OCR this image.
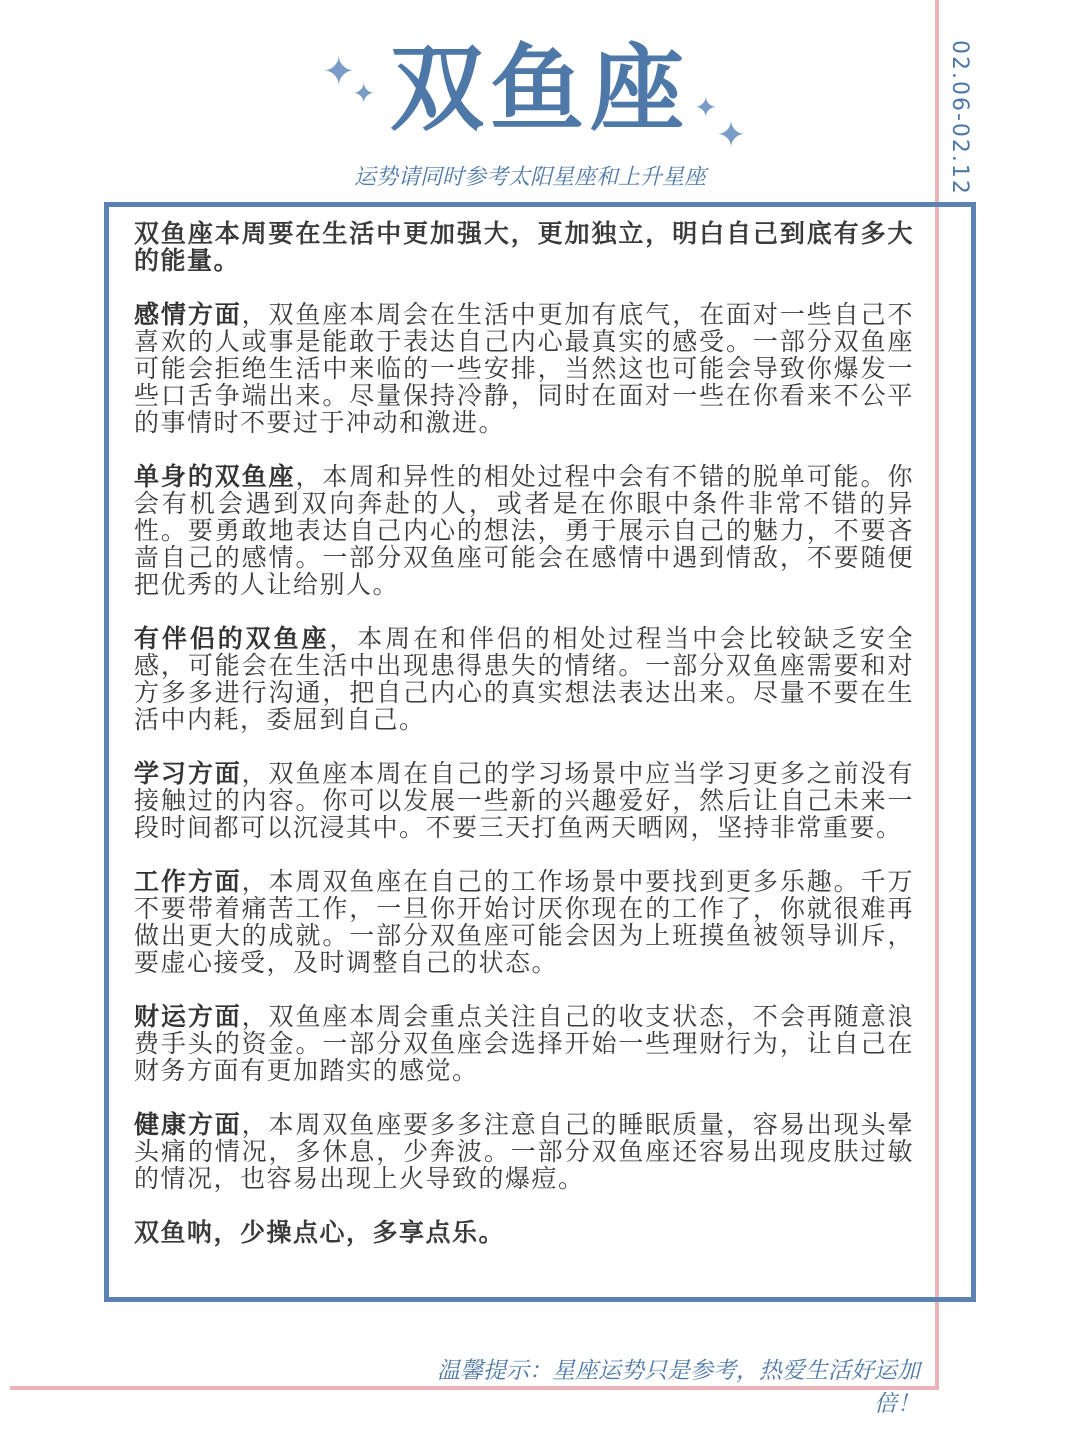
02.06-02.12
✦
✦	✦
✦
双鱼座
运势请同时参考太阳星座和上升星座

双鱼座本周要在生活中更加强大，更加独立，明白自己到底有多大的能量。

感情方面，双鱼座本周会在生活中更加有底气，在面对一些自己不喜欢的人或事是能敢于表达自己内心最真实的感受。一部分双鱼座可能会拒绝生活中来临的一些安排，当然这也可能会导致你爆发一些口舌争端出来。尽量保持冷静，同时在面对一些在你看来不公平的事情时不要过于冲动和激进。

单身的双鱼座，本周和异性的相处过程中会有不错的脱单可能。你会有机会遇到双向奔赴的人，或者是在你眼中条件非常不错的异性。要勇敢地表达自己内心的想法，勇于展示自己的魅力，不要吝啬自己的感情。一部分双鱼座可能会在感情中遇到情敌，不要随便把优秀的人让给别人。

有伴侣的双鱼座，本周在和伴侣的相处过程当中会比较缺乏安全感，可能会在生活中出现患得患失的情绪。一部分双鱼座需要和对方多多进行沟通，把自己内心的真实想法表达出来。尽量不要在生活中内耗，委屈到自己。

学习方面，双鱼座本周在自己的学习场景中应当学习更多之前没有接触过的内容。你可以发展一些新的兴趣爱好，然后让自己未来一段时间都可以沉浸其中。不要三天打鱼两天晒网，坚持非常重要。

工作方面，本周双鱼座在自己的工作场景中要找到更多乐趣。千万不要带着痛苦工作，一旦你开始讨厌你现在的工作了，你就很难再做出更大的成就。一部分双鱼座可能会因为上班摸鱼被领导训斥，要虚心接受，及时调整自己的状态。

财运方面，双鱼座本周会重点关注自己的收支状态，不会再随意浪费手头的资金。一部分双鱼座会选择开始一些理财行为，让自己在财务方面有更加踏实的感觉。

健康方面，本周双鱼座要多多注意自己的睡眠质量，容易出现头晕头痛的情况，多休息，少奔波。一部分双鱼座还容易出现皮肤过敏的情况，也容易出现上火导致的爆痘。

双鱼呐，少操点心，多享点乐。

温馨提示：星座运势只是参考，热爱生活好运加倍！
